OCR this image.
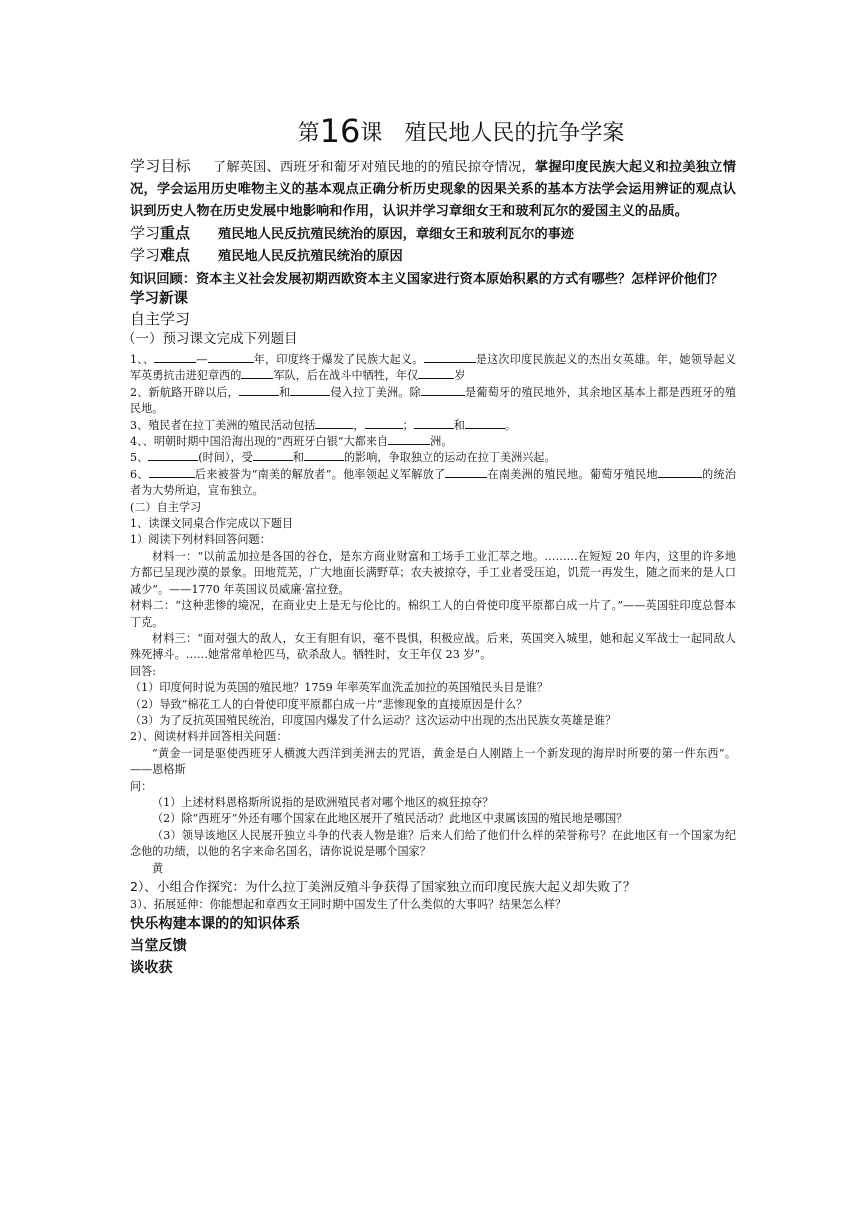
第16课　殖民地人民的抗争学案

学习目标 了解英国、西班牙和葡牙对殖民地的的殖民掠夺情况，掌握印度民族大起义和拉美独立情况，学会运用历史唯物主义的基本观点正确分析历史现象的因果关系的基本方法学会运用辨证的观点认识到历史人物在历史发展中地影响和作用，认识并学习章细女王和玻利瓦尔的爱国主义的品质。

学习重点 殖民地人民反抗殖民统治的原因，章细女王和玻利瓦尔的事迹

学习难点 殖民地人民反抗殖民统治的原因

知识回顾：资本主义社会发展初期西欧资本主义国家进行资本原始积累的方式有哪些？怎样评价他们？

学习新课

自主学习

（一）预习课文完成下列题目

1、、	—	年，印度终于爆发了民族大起义。	是这次印度民族起义的杰出女英雄。年，她领导起义军英勇抗击进犯章西的	军队，后在战斗中牺牲，年仅	岁

2、新航路开辟以后，	和	侵入拉丁美洲。除	是葡萄牙的殖民地外，其余地区基本上都是西班牙的殖民地。

3、殖民者在拉丁美洲的殖民活动包括	，	；	和	。

4、、明朝时期中国沿海出现的“西班牙白银”大都来自	洲。

5、	(时间），受	和	的影响，争取独立的运动在拉丁美洲兴起。

6、	后来被誉为“南美的解放者”。他率领起义军解放了	在南美洲的殖民地。葡萄牙殖民地	的统治者为大势所迫，宣布独立。

(二）自主学习

1、读课文同桌合作完成以下题目

1）阅读下列材料回答问题：

材料一：“以前孟加拉是各国的谷仓，是东方商业财富和工场手工业汇萃之地。………在短短 20 年内，这里的许多地方都已呈现沙漠的景象。田地荒芜，广大地面长满野草；农夫被掠夺，手工业者受压迫，饥荒一再发生，随之而来的是人口减少”。——1770 年英国议员威廉·富拉登。

材料二：“这种悲惨的境况，在商业史上是无与伦比的。棉织工人的白骨使印度平原都白成一片了。”——英国驻印度总督本丁克。

材料三：“面对强大的敌人，女王有胆有识，毫不畏惧，积极应战。后来，英国突入城里，她和起义军战士一起同敌人殊死搏斗。……她常常单枪匹马，砍杀敌人。牺牲时，女王年仅 23 岁”。

回答:

（1）印度何时说为英国的殖民地？1759 年率英军血洗孟加拉的英国殖民头目是谁？

（2）导致“棉花工人的白骨使印度平原都白成一片”悲惨现象的直接原因是什么？

（3）为了反抗英国殖民统治，印度国内爆发了什么运动？这次运动中出现的杰出民族女英雄是谁？

2）、阅读材料并回答相关问题：

“黄金一词是驱使西班牙人横渡大西洋到美洲去的咒语，黄金是白人刚踏上一个新发现的海岸时所要的第一件东西”。——恩格斯

问：

（1）上述材料恩格斯所说指的是欧洲殖民者对哪个地区的疯狂掠夺？

（2）除“西班牙”外还有哪个国家在此地区展开了殖民活动？此地区中隶属该国的殖民地是哪国？

（3）领导该地区人民展开独立斗争的代表人物是谁？后来人们给了他们什么样的荣誉称号？在此地区有一个国家为纪念他的功绩，以他的名字来命名国名，请你说说是哪个国家？

黄

2）、小组合作探究：为什么拉丁美洲反殖斗争获得了国家独立而印度民族大起义却失败了？

3）、拓展延伸：你能想起和章西女王同时期中国发生了什么类似的大事吗？结果怎么样？

快乐构建本课的的知识体系

当堂反馈

谈收获
